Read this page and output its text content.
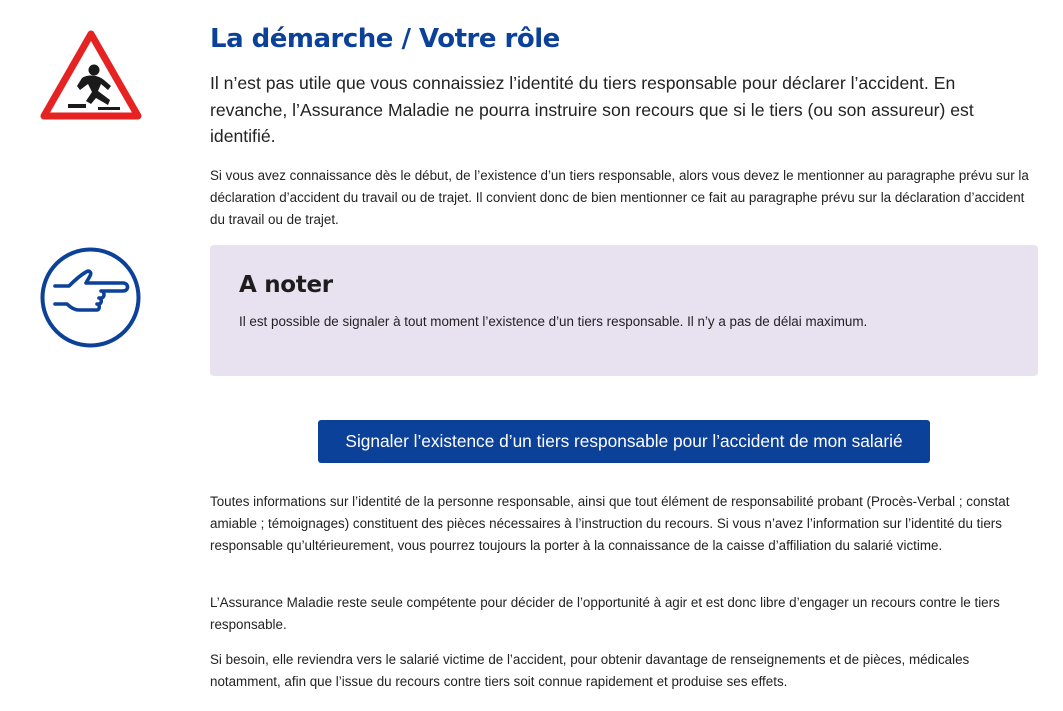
La démarche / Votre rôle

Il n’est pas utile que vous connaissiez l’identité du tiers responsable pour déclarer l’accident. En revanche, l’Assurance Maladie ne pourra instruire son recours que si le tiers (ou son assureur) est identifié.

Si vous avez connaissance dès le début, de l’existence d’un tiers responsable, alors vous devez le mentionner au paragraphe prévu sur la déclaration d’accident du travail ou de trajet. Il convient donc de bien mentionner ce fait au paragraphe prévu sur la déclaration d’accident du travail ou de trajet.

A noter

Il est possible de signaler à tout moment l’existence d’un tiers responsable. Il n’y a pas de délai maximum.

Signaler l’existence d’un tiers responsable pour l’accident de mon salarié

Toutes informations sur l’identité de la personne responsable, ainsi que tout élément de responsabilité probant (Procès-Verbal ; constat amiable ; témoignages) constituent des pièces nécessaires à l’instruction du recours. Si vous n’avez l’information sur l’identité du tiers responsable qu’ultérieurement, vous pourrez toujours la porter à la connaissance de la caisse d’affiliation du salarié victime.

L’Assurance Maladie reste seule compétente pour décider de l’opportunité à agir et est donc libre d’engager un recours contre le tiers responsable.

Si besoin, elle reviendra vers le salarié victime de l’accident, pour obtenir davantage de renseignements et de pièces, médicales notamment, afin que l’issue du recours contre tiers soit connue rapidement et produise ses effets.
